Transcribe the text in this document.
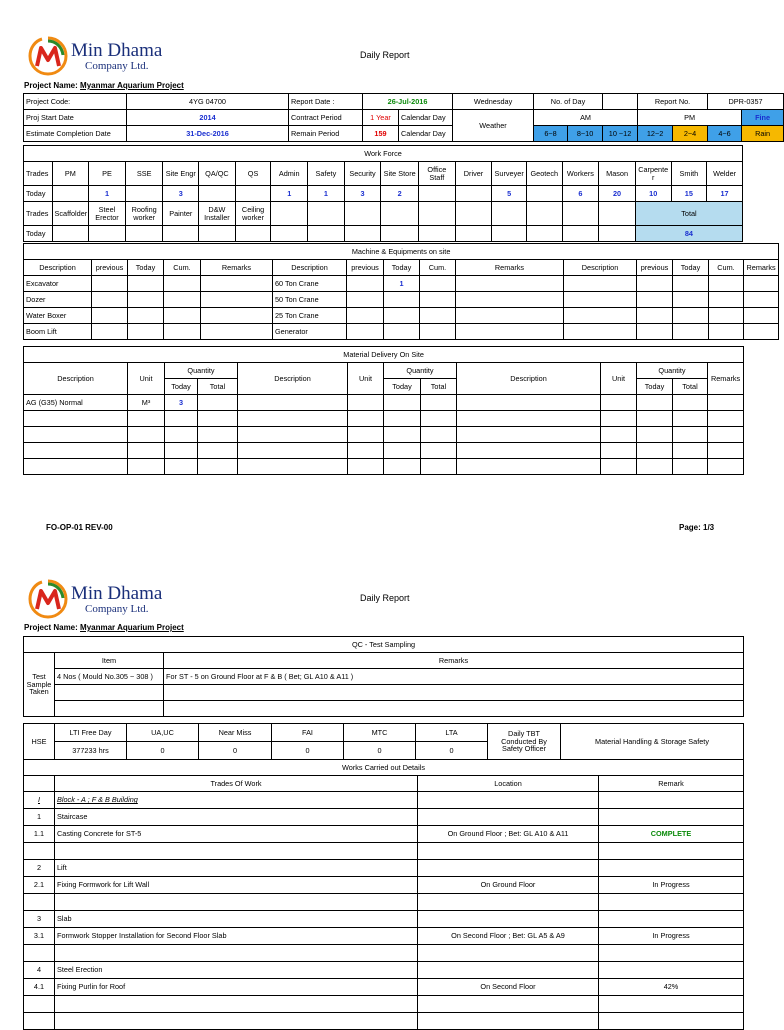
Min Dhama
Company Ltd.
Daily Report
Project Name: Myanmar Aquarium Project
Project Code:	4YG 04700	Report Date :	26-Jul-2016		Wednesday	No. of Day			Report No.		DPR-0357	
Proj Start Date	2014	Contract Period	1 Year	Calendar Day	Weather	AM			PM			Fine
Estimate Completion Date	31-Dec-2016	Remain Period	159	Calendar Day		6~8	8~10	10 ~12	12~2	2~4	4~6	Rain
Work Force																			
Trades	PM	PE	SSE	Site Engr	QA/QC	QS	Admin	Safety	Security	Site Store	Office Staff	Driver	Surveyer	Geotech	Workers	Mason	Carpenter	Smith	Welder
Today		1		3			1	1	3	2			5		6	20	10	15	17
Trades	Scaffolder	Steel Erector	Roofing worker	Painter	D&W Installer	Ceiling worker											Total		
Today																	84		
Machine & Equipments on site														
Description	previous	Today	Cum.	Remarks	Description	previous	Today	Cum.	Remarks	Description	previous	Today	Cum.	Remarks
Excavator					60 Ton Crane		1							
Dozer					50 Ton Crane									
Water Boxer					25 Ton Crane									
Boom Lift					Generator									
Material Delivery On Site												
Description	Unit	Quantity		Description	Unit	Quantity		Description	Unit	Quantity		Remarks
		Today	Total			Today	Total			Today	Total	
AG (G35) Normal	M³	3										

FO-OP-01 REV-00	Page: 1/3
Min Dhama
Company Ltd.
Daily Report
Project Name: Myanmar Aquarium Project
QC - Test Sampling		
Test Sample Taken	Item	Remarks
	4 Nos ( Mould No.305 ~ 308 )	For ST - 5 on Ground Floor at F & B ( Bet; GL A10 & A11 )

HSE	LTI Free Day	UA,UC	Near Miss	FAI	MTC	LTA	Daily TBT Conducted By Safety Officer	Material Handling & Storage Safety
	377233 hrs	0	0	0	0	0		
Works Carried out Details			
	Trades Of Work	Location	Remark
I	Block - A ; F & B Building		
1	Staircase		
1.1	Casting Concrete for ST-5	On Ground Floor ; Bet: GL A10 & A11	COMPLETE

2	Lift		
2.1	Fixing Formwork for Lift Wall	On Ground Floor	In Progress

3	Slab		
3.1	Formwork Stopper Installation for Second Floor Slab	On Second Floor ; Bet: GL A5 & A9	In Progress

4	Steel Erection		
4.1	Fixing Purlin for Roof	On Second Floor	42%
